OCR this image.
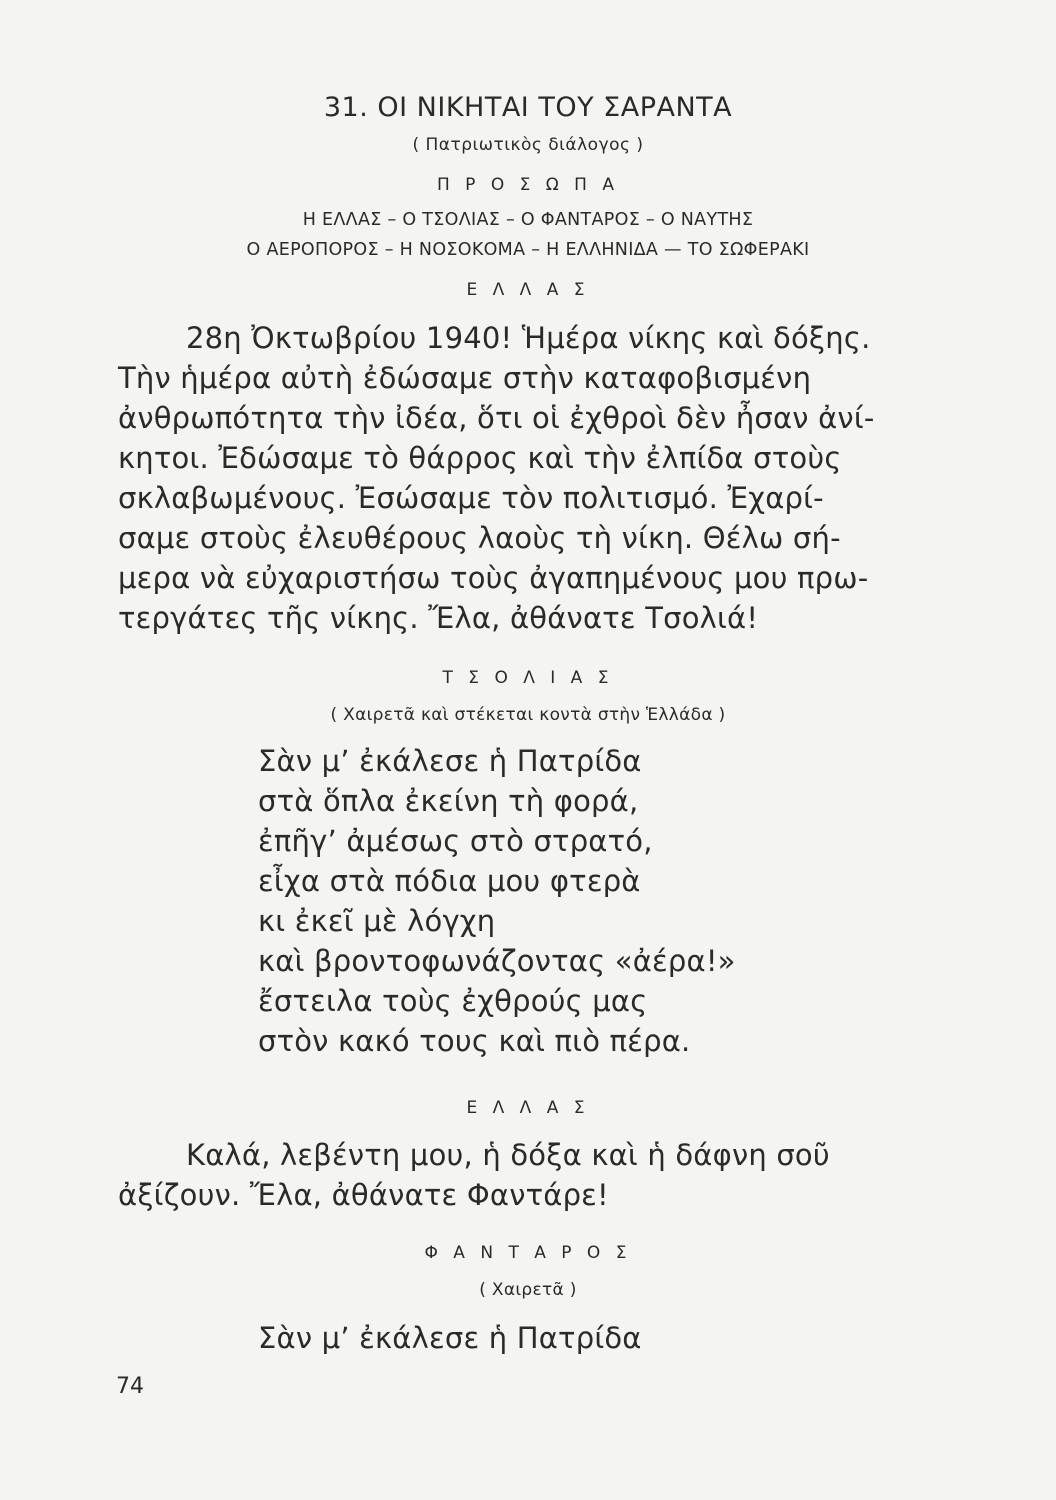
31. ΟΙ ΝΙΚΗΤΑΙ ΤΟΥ ΣΑΡΑΝΤΑ
( Πατριωτικὸς διάλογος )
Π Ρ Ο Σ Ω Π Α
Η ΕΛΛΑΣ – Ο ΤΣΟΛΙΑΣ – Ο ΦΑΝΤΑΡΟΣ – Ο ΝΑΥΤΗΣ
Ο ΑΕΡΟΠΟΡΟΣ – Η ΝΟΣΟΚΟΜΑ – Η ΕΛΛΗΝΙΔΑ — ΤΟ ΣΩΦΕΡΑΚΙ
Ε Λ Λ Α Σ
28η Ὀκτωβρίου 1940! Ἡμέρα νίκης καὶ δόξης.
Τὴν ἡμέρα αὐτὴ ἐδώσαμε στὴν καταφοβισμένη
ἀνθρωπότητα τὴν ἰδέα, ὅτι οἱ ἐχθροὶ δὲν ἦσαν ἀνί-
κητοι. Ἐδώσαμε τὸ θάρρος καὶ τὴν ἐλπίδα στοὺς
σκλαβωμένους. Ἐσώσαμε τὸν πολιτισμό. Ἐχαρί-
σαμε στοὺς ἐλευθέρους λαοὺς τὴ νίκη. Θέλω σή-
μερα νὰ εὐχαριστήσω τοὺς ἀγαπημένους μου πρω-
τεργάτες τῆς νίκης. Ἔλα, ἀθάνατε Τσολιά!
Τ Σ Ο Λ Ι Α Σ
( Χαιρετᾶ καὶ στέκεται κοντὰ στὴν Ἑλλάδα )
Σὰν μ’ ἐκάλεσε ἡ Πατρίδα
στὰ ὅπλα ἐκείνη τὴ φορά,
ἐπῆγ’ ἀμέσως στὸ στρατό,
εἶχα στὰ πόδια μου φτερὰ
κι ἐκεῖ μὲ λόγχη
καὶ βροντοφωνάζοντας «ἀέρα!»
ἔστειλα τοὺς ἐχθρούς μας
στὸν κακό τους καὶ πιὸ πέρα.
Ε Λ Λ Α Σ
Καλά, λεβέντη μου, ἡ δόξα καὶ ἡ δάφνη σοῦ
ἀξίζουν. Ἔλα, ἀθάνατε Φαντάρε!
Φ Α Ν Τ Α Ρ Ο Σ
( Χαιρετᾶ )
Σὰν μ’ ἐκάλεσε ἡ Πατρίδα
74
